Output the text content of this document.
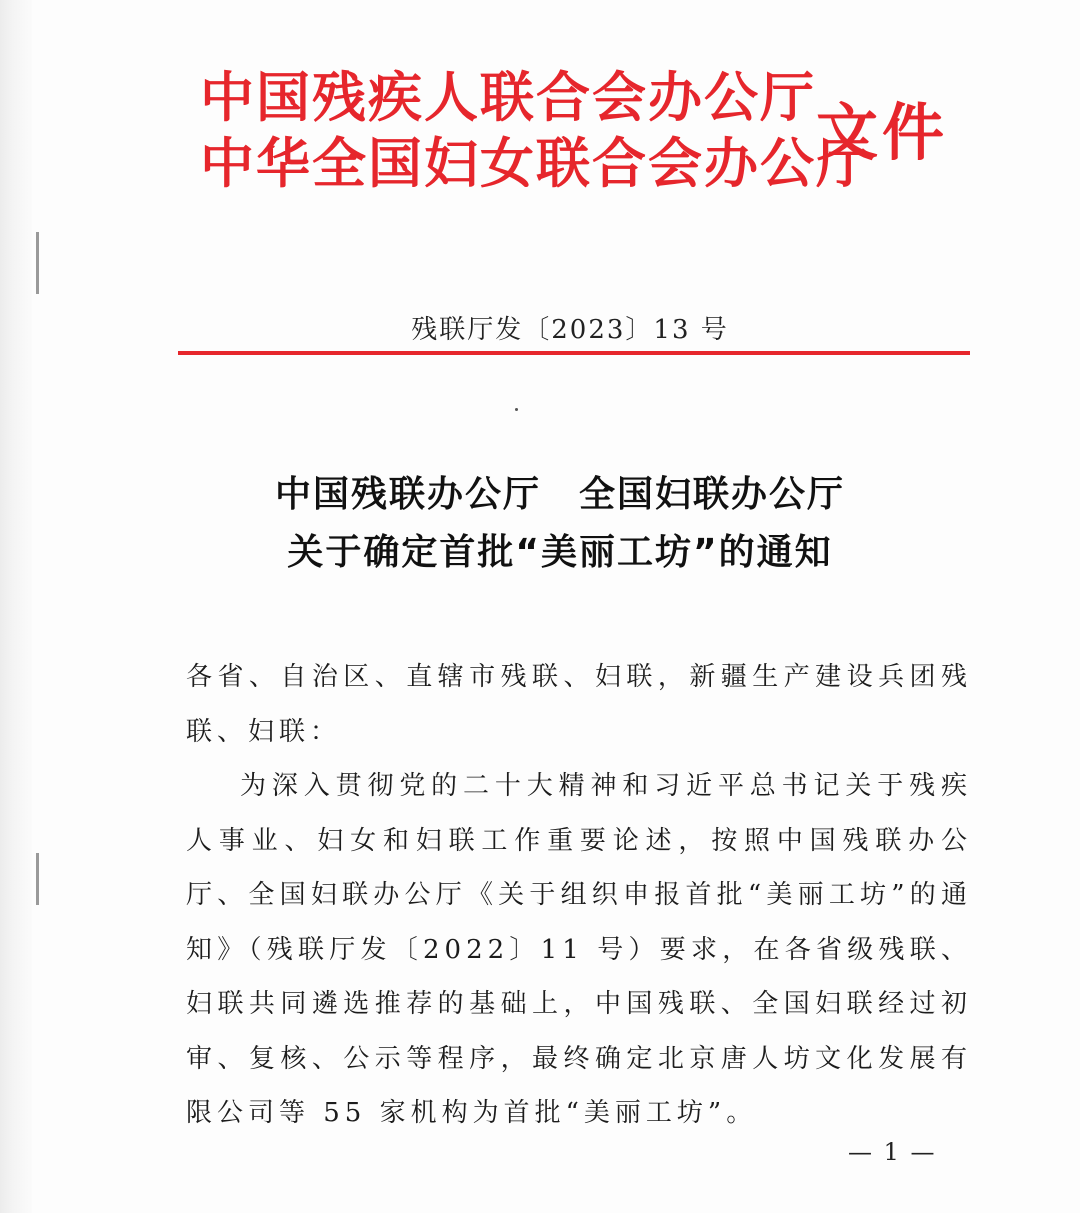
中国残疾人联合会办公厅
中华全国妇女联合会办公厅
文件
残联厅发〔2023〕13 号
中国残联办公厅　全国妇联办公厅
关于确定首批“美丽工坊”的通知

各省、自治区、直辖市残联、妇联，新疆生产建设兵团残联、妇联：

为深入贯彻党的二十大精神和习近平总书记关于残疾人事业、妇女和妇联工作重要论述，按照中国残联办公厅、全国妇联办公厅《关于组织申报首批“美丽工坊”的通知》（残联厅发〔2022〕11 号）要求，在各省级残联、妇联共同遴选推荐的基础上，中国残联、全国妇联经过初审、复核、公示等程序，最终确定北京唐人坊文化发展有限公司等 55 家机构为首批“美丽工坊”。

— 1 —
